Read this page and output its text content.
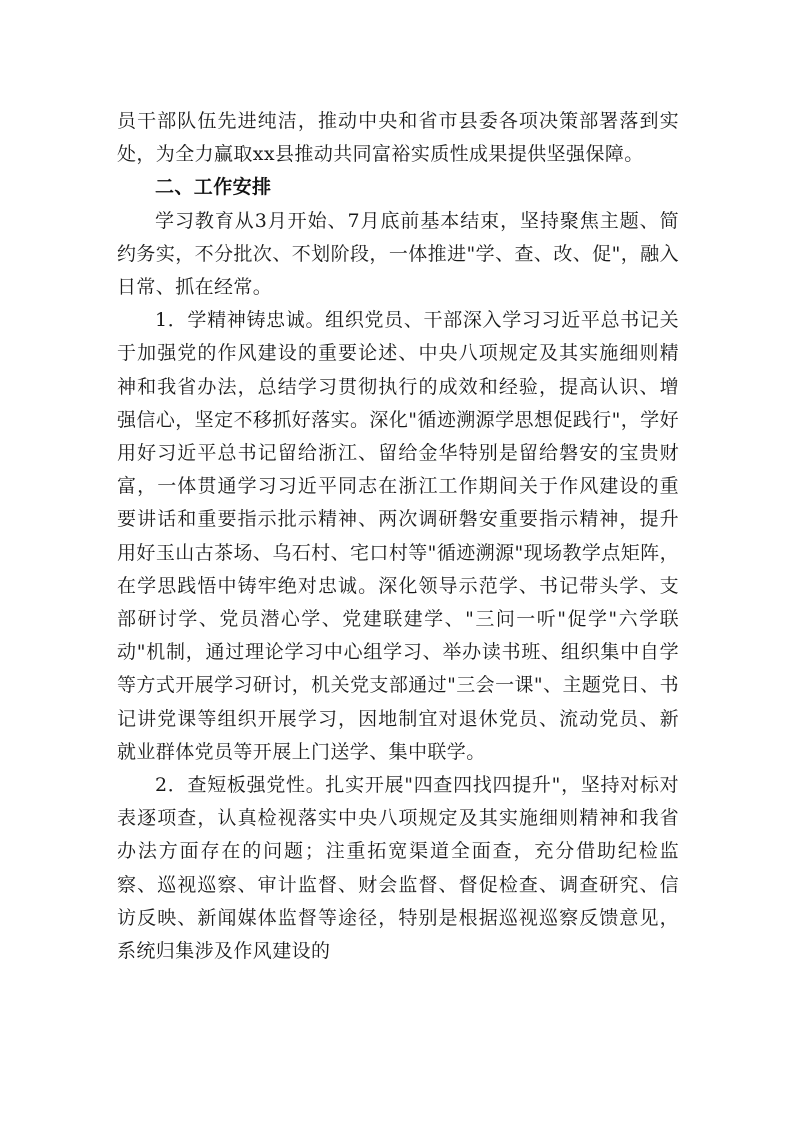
员干部队伍先进纯洁，推动中央和省市县委各项决策部署落到实处，为全力赢取xx县推动共同富裕实质性成果提供坚强保障。

二、工作安排

学习教育从3月开始、7月底前基本结束，坚持聚焦主题、简约务实，不分批次、不划阶段，一体推进"学、查、改、促"，融入日常、抓在经常。

1．学精神铸忠诚。组织党员、干部深入学习习近平总书记关于加强党的作风建设的重要论述、中央八项规定及其实施细则精神和我省办法，总结学习贯彻执行的成效和经验，提高认识、增强信心，坚定不移抓好落实。深化"循迹溯源学思想促践行"，学好用好习近平总书记留给浙江、留给金华特别是留给磐安的宝贵财富，一体贯通学习习近平同志在浙江工作期间关于作风建设的重要讲话和重要指示批示精神、两次调研磐安重要指示精神，提升用好玉山古茶场、乌石村、宅口村等"循迹溯源"现场教学点矩阵，在学思践悟中铸牢绝对忠诚。深化领导示范学、书记带头学、支部研讨学、党员潜心学、党建联建学、"三问一听"促学"六学联动"机制，通过理论学习中心组学习、举办读书班、组织集中自学等方式开展学习研讨，机关党支部通过"三会一课"、主题党日、书记讲党课等组织开展学习，因地制宜对退休党员、流动党员、新就业群体党员等开展上门送学、集中联学。

2．查短板强党性。扎实开展"四查四找四提升"，坚持对标对表逐项查，认真检视落实中央八项规定及其实施细则精神和我省办法方面存在的问题；注重拓宽渠道全面查，充分借助纪检监察、巡视巡察、审计监督、财会监督、督促检查、调查研究、信访反映、新闻媒体监督等途径，特别是根据巡视巡察反馈意见，系统归集涉及作风建设的
